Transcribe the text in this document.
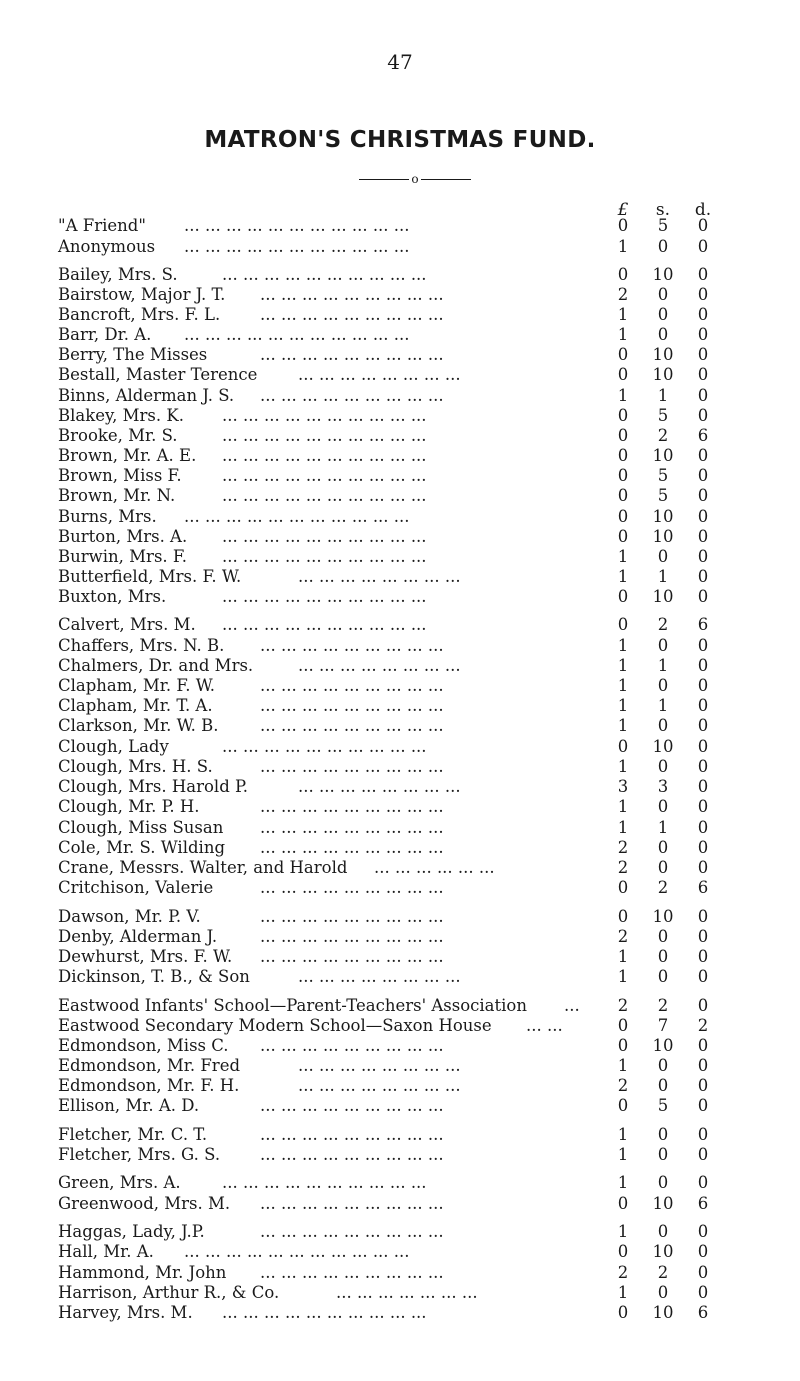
47
MATRON'S CHRISTMAS FUND.
o
£	s.	d.
"A Friend" ... ... ... ... ... ... ... ... ... ... ...	0	5	0
Anonymous ... ... ... ... ... ... ... ... ... ... ...	1	0	0
Bailey, Mrs. S.	... ... ... ... ... ... ... ... ... ...	0	10	0
Bairstow, Major J. T. ... ... ... ... ... ... ... ... ...	2	0	0
Bancroft, Mrs. F. L. ... ... ... ... ... ... ... ... ...	1	0	0
Barr, Dr. A. ... ... ... ... ... ... ... ... ... ... ...	1	0	0
Berry, The Misses	... ... ... ... ... ... ... ... ...	0	10	0
Bestall, Master Terence ... ... ... ... ... ... ... ...	0	10	0
Binns, Alderman J. S. ... ... ... ... ... ... ... ... ...	1	1	0
Blakey, Mrs. K. ... ... ... ... ... ... ... ... ... ...	0	5	0
Brooke, Mr. S.	... ... ... ... ... ... ... ... ... ...	0	2	6
Brown, Mr. A. E. ... ... ... ... ... ... ... ... ... ...	0	10	0
Brown, Miss F. ... ... ... ... ... ... ... ... ... ...	0	5	0
Brown, Mr. N.	... ... ... ... ... ... ... ... ... ...	0	5	0
Burns, Mrs. ... ... ... ... ... ... ... ... ... ... ...	0	10	0
Burton, Mrs. A. ... ... ... ... ... ... ... ... ... ...	0	10	0
Burwin, Mrs. F. ... ... ... ... ... ... ... ... ... ...	1	0	0
Butterfield, Mrs. F. W.	... ... ... ... ... ... ... ...	1	1	0
Buxton, Mrs.	... ... ... ... ... ... ... ... ... ...	0	10	0
Calvert, Mrs. M. ... ... ... ... ... ... ... ... ... ...	0	2	6
Chaffers, Mrs. N. B. ... ... ... ... ... ... ... ... ...	1	0	0
Chalmers, Dr. and Mrs.	... ... ... ... ... ... ... ...	1	1	0
Clapham, Mr. F. W.	... ... ... ... ... ... ... ... ...	1	0	0
Clapham, Mr. T. A.	... ... ... ... ... ... ... ... ...	1	1	0
Clarkson, Mr. W. B.	... ... ... ... ... ... ... ... ...	1	0	0
Clough, Lady	... ... ... ... ... ... ... ... ... ...	0	10	0
Clough, Mrs. H. S.	... ... ... ... ... ... ... ... ...	1	0	0
Clough, Mrs. Harold P.	... ... ... ... ... ... ... ...	3	3	0
Clough, Mr. P. H.	... ... ... ... ... ... ... ... ...	1	0	0
Clough, Miss Susan ... ... ... ... ... ... ... ... ...	1	1	0
Cole, Mr. S. Wilding ... ... ... ... ... ... ... ... ...	2	0	0
Crane, Messrs. Walter, and Harold ... ... ... ... ... ...	2	0	0
Critchison, Valerie	... ... ... ... ... ... ... ... ...	0	2	6
Dawson, Mr. P. V.	... ... ... ... ... ... ... ... ...	0	10	0
Denby, Alderman J.	... ... ... ... ... ... ... ... ...	2	0	0
Dewhurst, Mrs. F. W. ... ... ... ... ... ... ... ... ...	1	0	0
Dickinson, T. B., & Son	... ... ... ... ... ... ... ...	1	0	0
Eastwood Infants' School—Parent-Teachers' Association ...	2	2	0
Eastwood Secondary Modern School—Saxon House ... ...	0	7	2
Edmondson, Miss C. ... ... ... ... ... ... ... ... ...	0	10	0
Edmondson, Mr. Fred	... ... ... ... ... ... ... ...	1	0	0
Edmondson, Mr. F. H.	... ... ... ... ... ... ... ...	2	0	0
Ellison, Mr. A. D.	... ... ... ... ... ... ... ... ...	0	5	0
Fletcher, Mr. C. T.	... ... ... ... ... ... ... ... ...	1	0	0
Fletcher, Mrs. G. S. ... ... ... ... ... ... ... ... ...	1	0	0
Green, Mrs. A.	... ... ... ... ... ... ... ... ... ...	1	0	0
Greenwood, Mrs. M. ... ... ... ... ... ... ... ... ...	0	10	6
Haggas, Lady, J.P.	... ... ... ... ... ... ... ... ...	1	0	0
Hall, Mr. A. ... ... ... ... ... ... ... ... ... ... ...	0	10	0
Hammond, Mr. John ... ... ... ... ... ... ... ... ...	2	2	0
Harrison, Arthur R., & Co.	... ... ... ... ... ... ...	1	0	0
Harvey, Mrs. M. ... ... ... ... ... ... ... ... ... ...	0	10	6
